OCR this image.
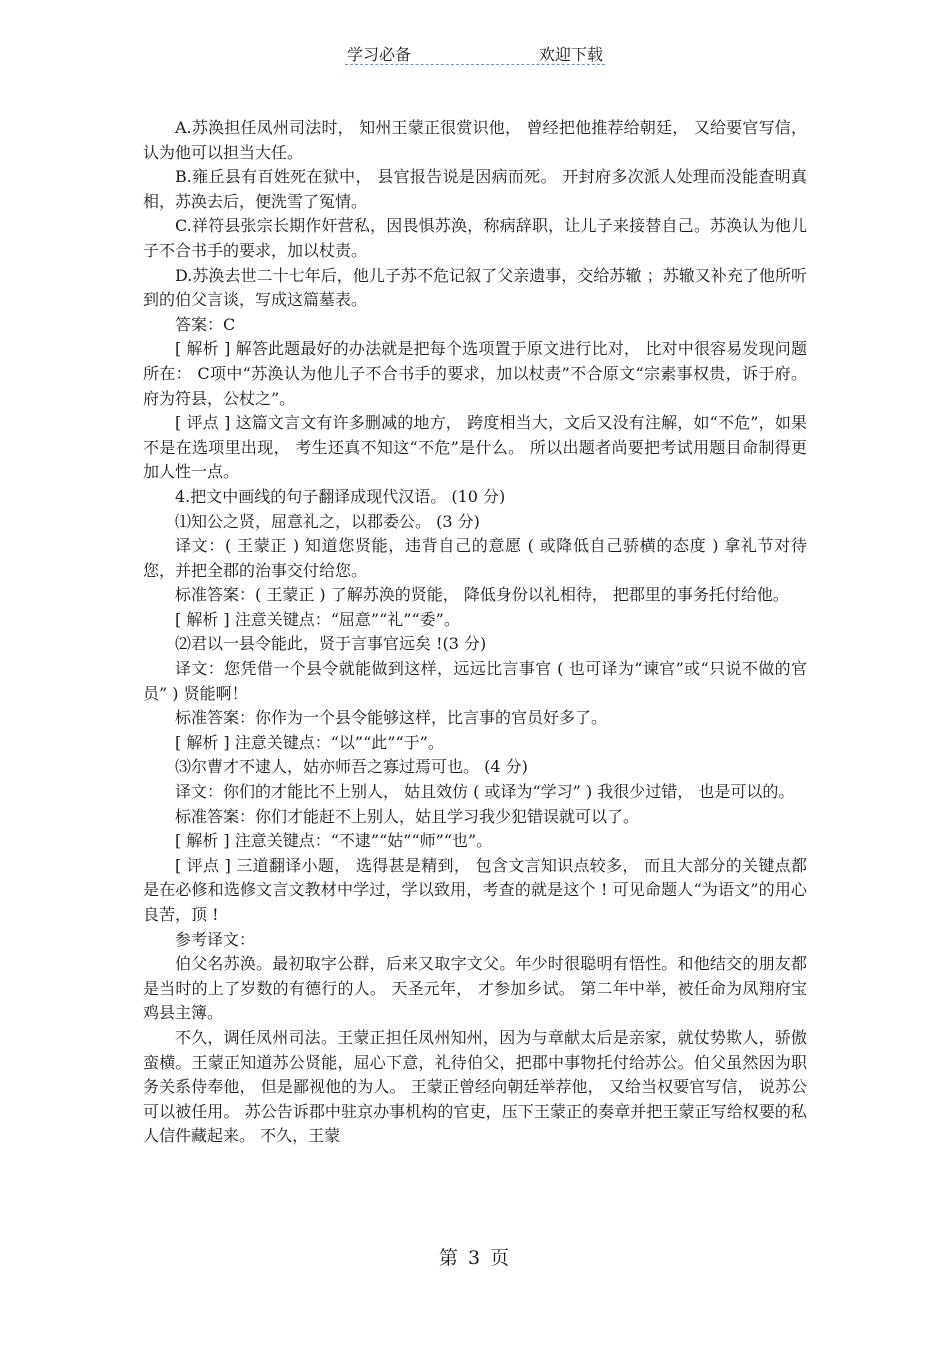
学习必备	欢迎下载

A.苏涣担任凤州司法时， 知州王蒙正很赏识他， 曾经把他推荐给朝廷， 又给要官写信，认为他可以担当大任。

B.雍丘县有百姓死在狱中， 县官报告说是因病而死。 开封府多次派人处理而没能查明真相，苏涣去后，便洗雪了冤情。

C.祥符县张宗长期作奸营私，因畏惧苏涣，称病辞职，让儿子来接替自己。苏涣认为他儿子不合书手的要求，加以杖责。

D.苏涣去世二十七年后，他儿子苏不危记叙了父亲遗事，交给苏辙 ；苏辙又补充了他所听到的伯父言谈，写成这篇墓表。

答案：C

[ 解析 ] 解答此题最好的办法就是把每个选项置于原文进行比对， 比对中很容易发现问题所在： C项中“苏涣认为他儿子不合书手的要求，加以杖责”不合原文“宗素事权贵，诉于府。府为符县，公杖之”。

[ 评点 ] 这篇文言文有许多删减的地方， 跨度相当大，文后又没有注解，如“不危”，如果不是在选项里出现， 考生还真不知这“不危”是什么。 所以出题者尚要把考试用题目命制得更加人性一点。

4.把文中画线的句子翻译成现代汉语。 (10 分)

⑴知公之贤，屈意礼之，以郡委公。 (3 分)

译文：( 王蒙正 ) 知道您贤能，违背自己的意愿 ( 或降低自己骄横的态度 ) 拿礼节对待您，并把全郡的治事交付给您。

标准答案：( 王蒙正 ) 了解苏涣的贤能， 降低身份以礼相待， 把郡里的事务托付给他。

[ 解析 ] 注意关键点：“屈意”“礼”“委”。

⑵君以一县令能此，贤于言事官远矣 !(3 分)

译文：您凭借一个县令就能做到这样，远远比言事官 ( 也可译为“谏官”或“只说不做的官员” ) 贤能啊！

标准答案：你作为一个县令能够这样，比言事的官员好多了。

[ 解析 ] 注意关键点：“以”“此”“于”。

⑶尔曹才不逮人，姑亦师吾之寡过焉可也。 (4 分)

译文：你们的才能比不上别人， 姑且效仿 ( 或译为“学习” ) 我很少过错， 也是可以的。

标准答案：你们才能赶不上别人，姑且学习我少犯错误就可以了。

[ 解析 ] 注意关键点：“不逮”“姑”“师”“也”。

[ 评点 ] 三道翻译小题， 选得甚是精到， 包含文言知识点较多， 而且大部分的关键点都是在必修和选修文言文教材中学过，学以致用，考查的就是这个 ! 可见命题人“为语文”的用心良苦，顶 !

参考译文：

伯父名苏涣。最初取字公群，后来又取字文父。年少时很聪明有悟性。和他结交的朋友都是当时的上了岁数的有德行的人。 天圣元年， 才参加乡试。 第二年中举，被任命为凤翔府宝鸡县主簿。

不久，调任凤州司法。王蒙正担任凤州知州，因为与章献太后是亲家，就仗势欺人，骄傲蛮横。王蒙正知道苏公贤能，屈心下意，礼待伯父，把郡中事物托付给苏公。伯父虽然因为职务关系侍奉他， 但是鄙视他的为人。 王蒙正曾经向朝廷举荐他， 又给当权要官写信， 说苏公可以被任用。 苏公告诉郡中驻京办事机构的官吏，压下王蒙正的奏章并把王蒙正写给权要的私人信件藏起来。 不久，王蒙

第 3 页
